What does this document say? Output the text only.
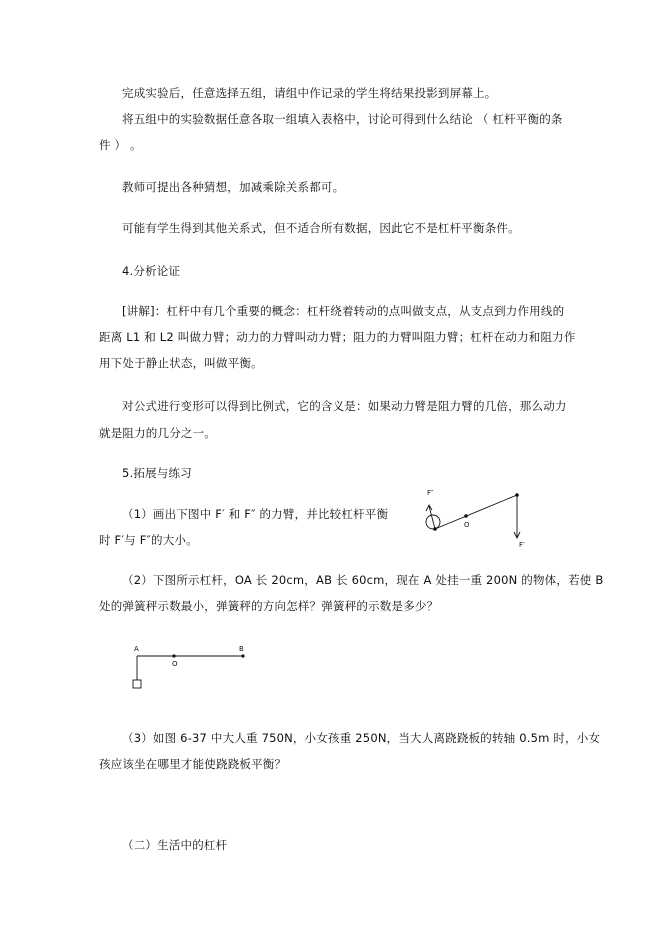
完成实验后，任意选择五组，请组中作记录的学生将结果投影到屏幕上。
将五组中的实验数据任意各取一组填入表格中，讨论可得到什么结论 （ 杠杆平衡的条
件 ） 。
教师可提出各种猜想，加减乘除关系都可。
可能有学生得到其他关系式，但不适合所有数据，因此它不是杠杆平衡条件。
4.分析论证
[讲解]：杠杆中有几个重要的概念：杠杆绕着转动的点叫做支点，从支点到力作用线的
距离 L1 和 L2 叫做力臂；动力的力臂叫动力臂；阻力的力臂叫阻力臂；杠杆在动力和阻力作
用下处于静止状态，叫做平衡。
对公式进行变形可以得到比例式，它的含义是：如果动力臂是阻力臂的几倍，那么动力
就是阻力的几分之一。
5.拓展与练习
（1）画出下图中 F′ 和 F″ 的力臂，并比较杠杆平衡
时 F′与 F″的大小。
F″
O
F′
（2）下图所示杠杆，OA 长 20cm，AB 长 60cm，现在 A 处挂一重 200N 的物体，若使 B
处的弹簧秤示数最小，弹簧秤的方向怎样？弹簧秤的示数是多少？
A
O
B
（3）如图 6-37 中大人重 750N，小女孩重 250N，当大人离跷跷板的转轴 0.5m 时，小女
孩应该坐在哪里才能使跷跷板平衡？
（二）生活中的杠杆
